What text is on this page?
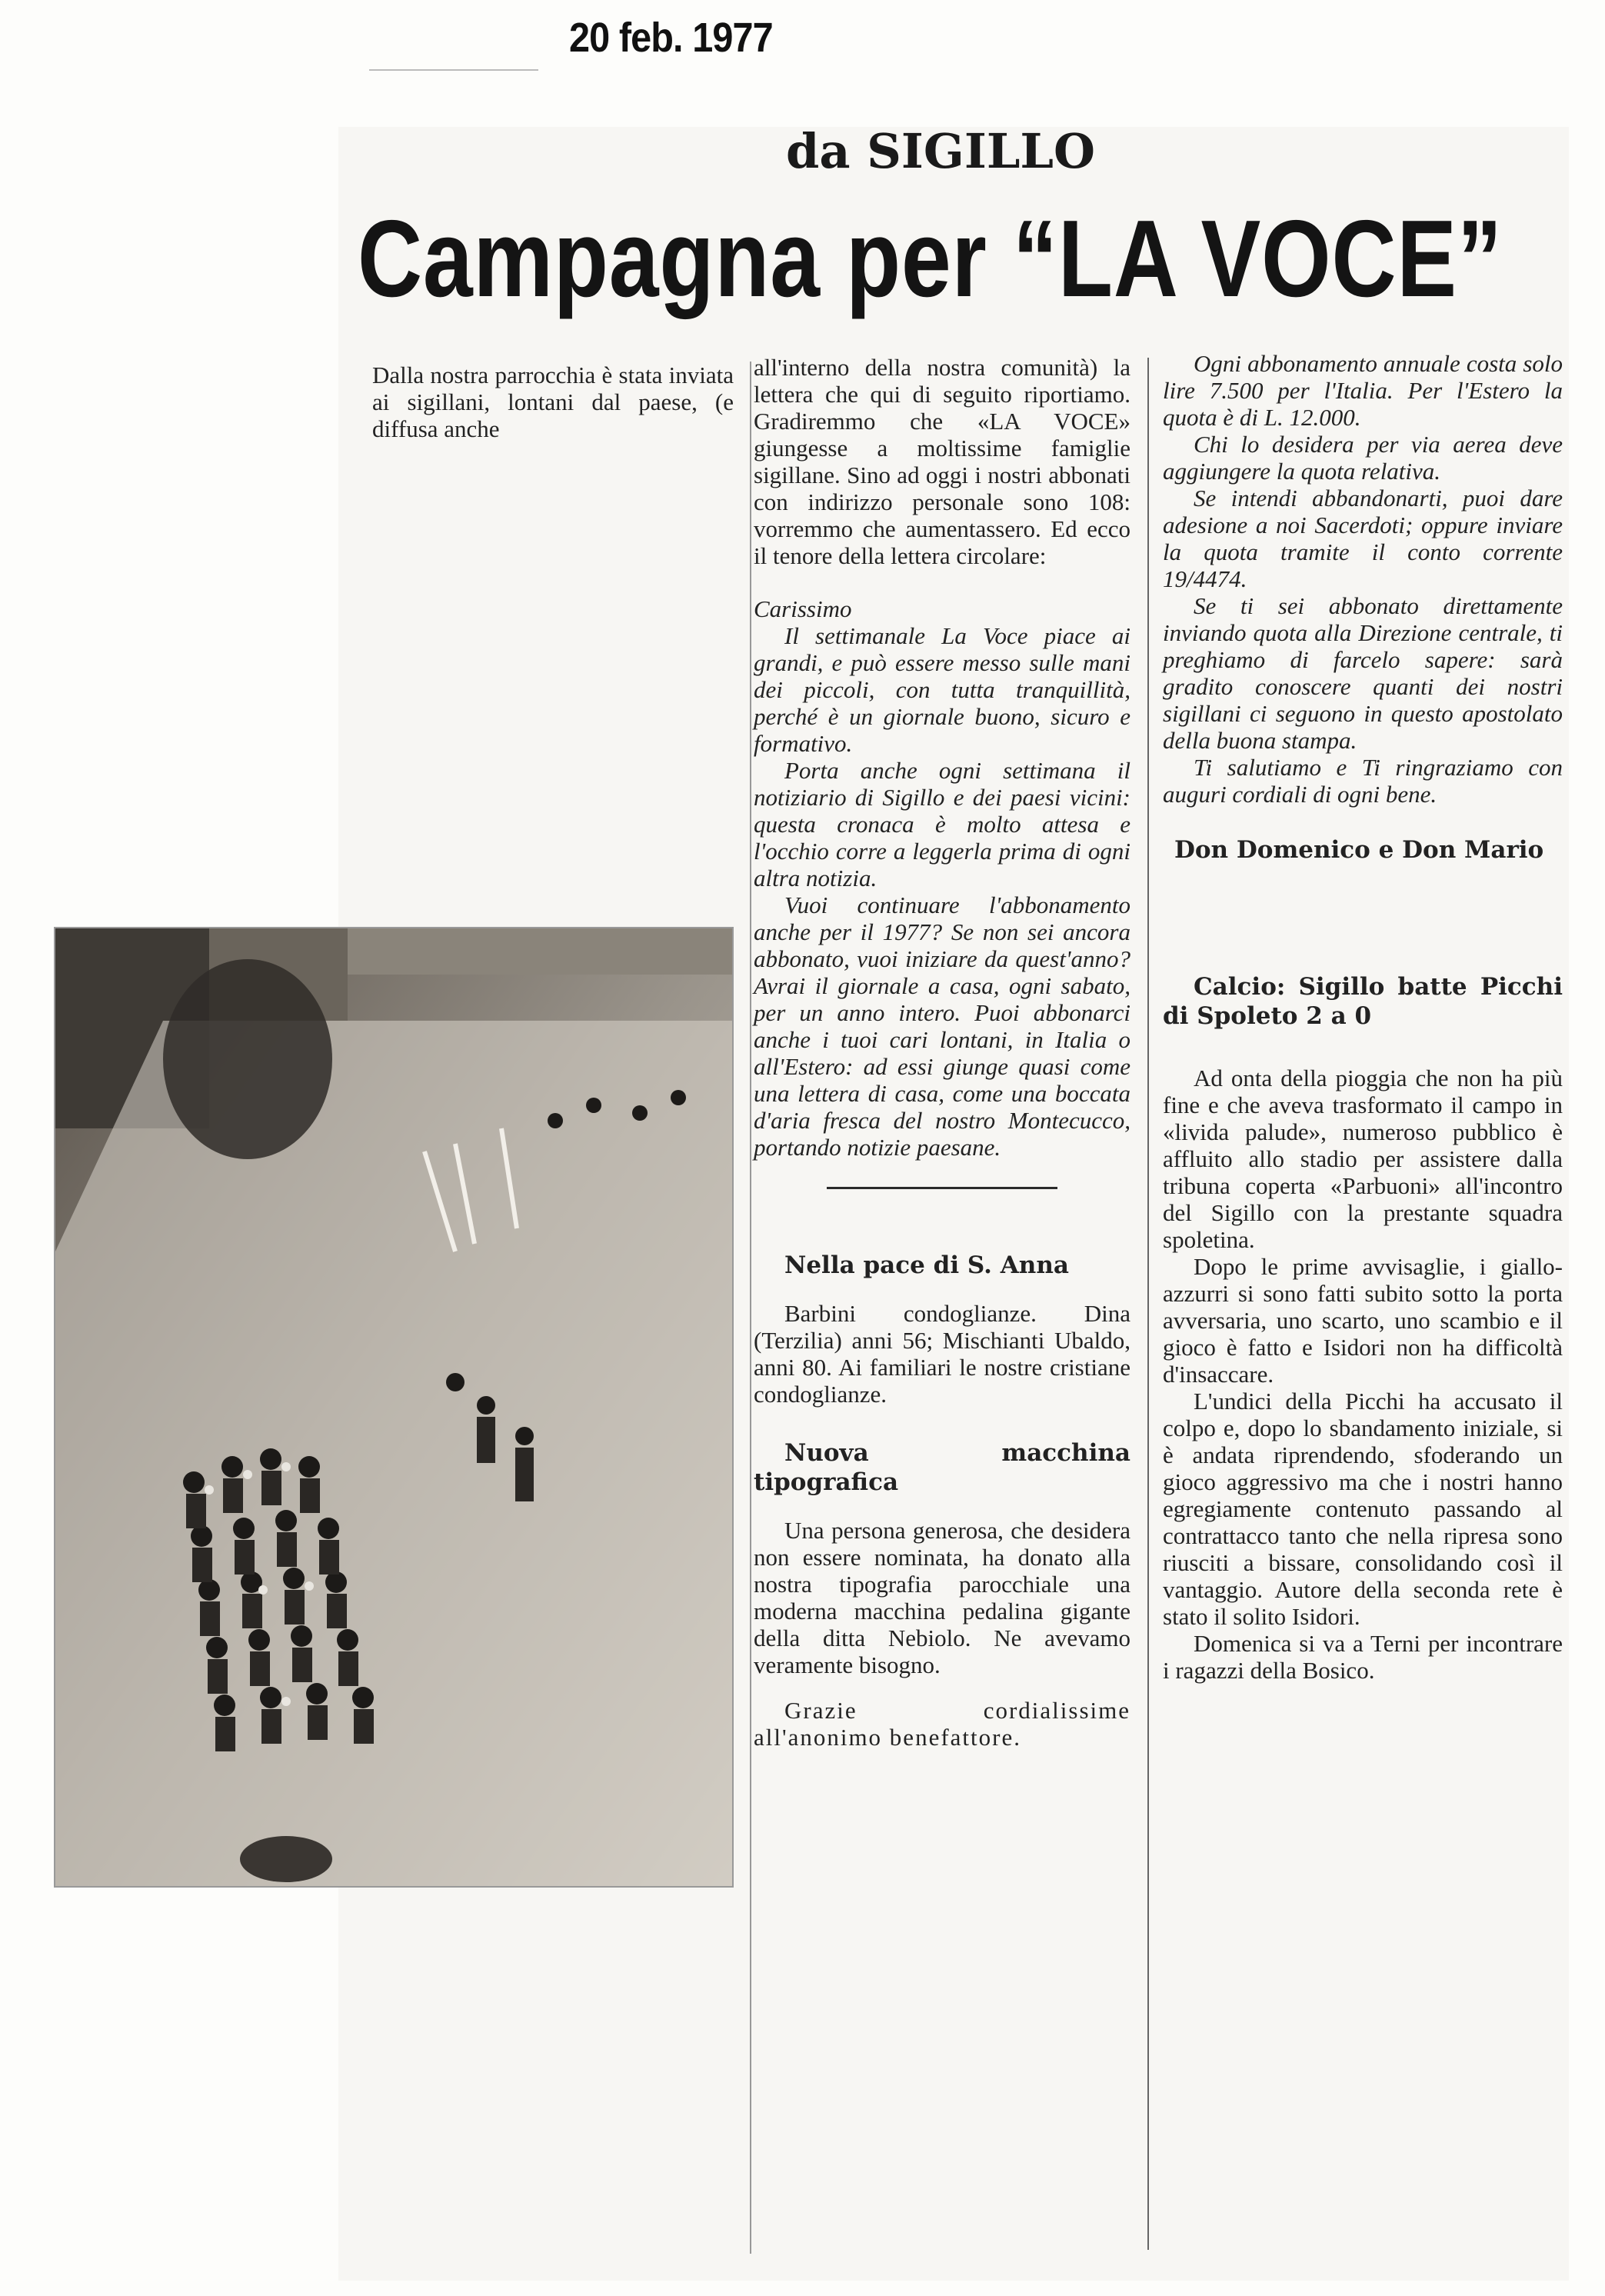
20 feb. 1977
da SIGILLO
Campagna per “LA VOCE”
Dalla nostra parrocchia è stata inviata ai sigillani, lontani dal paese, (e diffusa anche

all'interno della nostra comunità) la lettera che qui di seguito riportiamo. Gradiremmo che «LA VOCE» giungesse a moltissime famiglie sigillane. Sino ad oggi i nostri abbonati con indirizzo personale sono 108: vorremmo che aumentassero. Ed ecco il tenore della lettera circolare:

Carissimo

Il settimanale La Voce piace ai grandi, e può essere messo sulle mani dei piccoli, con tutta tranquillità, perché è un giornale buono, sicuro e formativo.

Porta anche ogni settimana il notiziario di Sigillo e dei paesi vicini: questa cronaca è molto attesa e l'occhio corre a leggerla prima di ogni altra notizia.

Vuoi continuare l'abbonamento anche per il 1977? Se non sei ancora abbonato, vuoi iniziare da quest'anno? Avrai il giornale a casa, ogni sabato, per un anno intero. Puoi abbonarci anche i tuoi cari lontani, in Italia o all'Estero: ad essi giunge quasi come una lettera di casa, come una boccata d'aria fresca del nostro Montecucco, portando notizie paesane.

Nella pace di S. Anna

Barbini condoglianze. Dina (Terzilia) anni 56; Mischianti Ubaldo, anni 80. Ai familiari le nostre cristiane condoglianze.

Nuova macchina tipografica

Una persona generosa, che desidera non essere nominata, ha donato alla nostra tipografia parocchiale una moderna macchina pedalina gigante della ditta Nebiolo. Ne avevamo veramente bisogno.

Grazie cordialissime all'anonimo benefattore.

Ogni abbonamento annuale costa solo lire 7.500 per l'Italia. Per l'Estero la quota è di L. 12.000.

Chi lo desidera per via aerea deve aggiungere la quota relativa.

Se intendi abbandonarti, puoi dare adesione a noi Sacerdoti; oppure inviare la quota tramite il conto corrente 19/4474.

Se ti sei abbonato direttamente inviando quota alla Direzione centrale, ti preghiamo di farcelo sapere: sarà gradito conoscere quanti dei nostri sigillani ci seguono in questo apostolato della buona stampa.

Ti salutiamo e Ti ringraziamo con auguri cordiali di ogni bene.

Don Domenico e Don Mario

Calcio: Sigillo batte Picchi di Spoleto 2 a 0

Ad onta della pioggia che non ha più fine e che aveva trasformato il campo in «livida palude», numeroso pubblico è affluito allo stadio per assistere dalla tribuna coperta «Parbuoni» all'incontro del Sigillo con la prestante squadra spoletina.

Dopo le prime avvisaglie, i giallo-azzurri si sono fatti subito sotto la porta avversaria, uno scarto, uno scambio e il gioco è fatto e Isidori non ha difficoltà d'insaccare.

L'undici della Picchi ha accusato il colpo e, dopo lo sbandamento iniziale, si è andata riprendendo, sfoderando un gioco aggressivo ma che i nostri hanno egregiamente contenuto passando al contrattacco tanto che nella ripresa sono riusciti a bissare, consolidando così il vantaggio. Autore della seconda rete è stato il solito Isidori.

Domenica si va a Terni per incontrare i ragazzi della Bosico.
